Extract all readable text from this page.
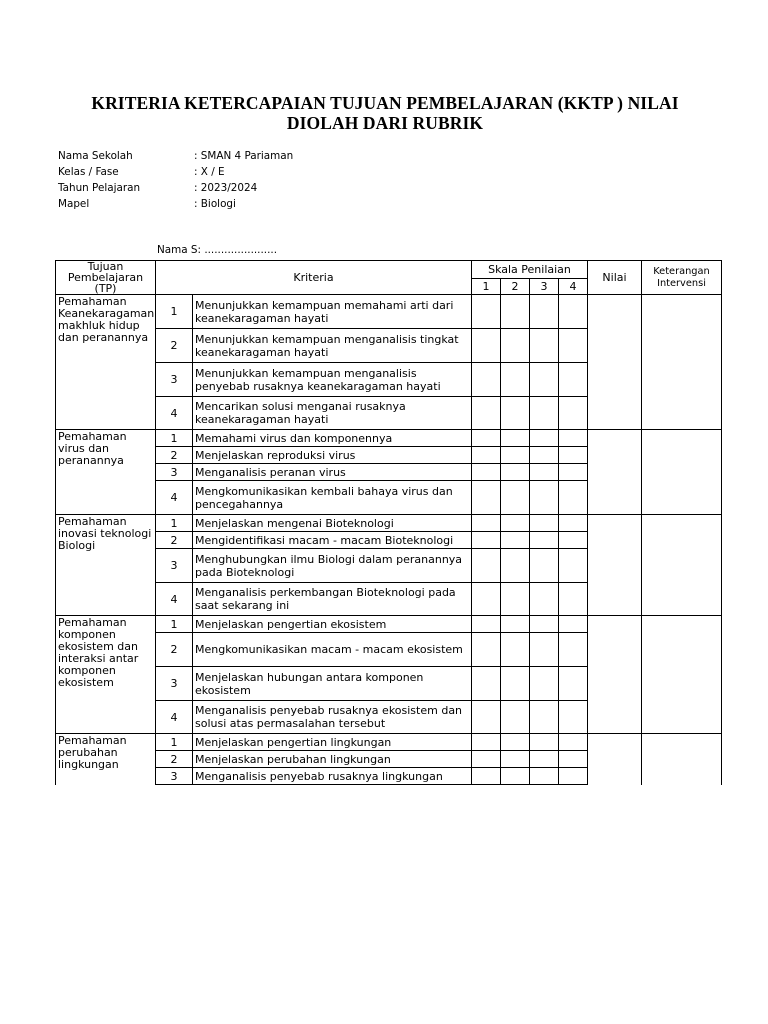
KRITERIA KETERCAPAIAN TUJUAN PEMBELAJARAN (KKTP ) NILAI DIOLAH DARI RUBRIK
Nama Sekolah	: SMAN 4 Pariaman
Kelas / Fase	: X / E
Tahun Pelajaran	: 2023/2024
Mapel	: Biologi
Nama S: ......................
Tujuan Pembelajaran (TP)	Kriteria		Skala Penilaian				Nilai	Keterangan Intervensi
			1	2	3	4		
Pemahaman Keanekaragaman makhluk hidup dan peranannya	1	Menunjukkan kemampuan memahami arti dari keanekaragaman hayati						
	2	Menunjukkan kemampuan menganalisis tingkat keanekaragaman hayati						
	3	Menunjukkan kemampuan menganalisis penyebab rusaknya keanekaragaman hayati						
	4	Mencarikan solusi menganai rusaknya keanekaragaman hayati						
Pemahaman virus dan peranannya	1	Memahami virus dan komponennya						
	2	Menjelaskan reproduksi virus						
	3	Menganalisis peranan virus						
	4	Mengkomunikasikan kembali bahaya virus dan pencegahannya						
Pemahaman inovasi teknologi Biologi	1	Menjelaskan mengenai Bioteknologi						
	2	Mengidentifikasi macam - macam Bioteknologi						
	3	Menghubungkan ilmu Biologi dalam peranannya pada Bioteknologi						
	4	Menganalisis perkembangan Bioteknologi pada saat sekarang ini						
Pemahaman komponen ekosistem dan interaksi antar komponen ekosistem	1	Menjelaskan pengertian ekosistem						
	2	Mengkomunikasikan macam - macam ekosistem						
	3	Menjelaskan hubungan antara komponen ekosistem						
	4	Menganalisis penyebab rusaknya ekosistem dan solusi atas permasalahan tersebut						
Pemahaman perubahan lingkungan	1	Menjelaskan pengertian lingkungan						
	2	Menjelaskan perubahan lingkungan						
	3	Menganalisis penyebab rusaknya lingkungan						
